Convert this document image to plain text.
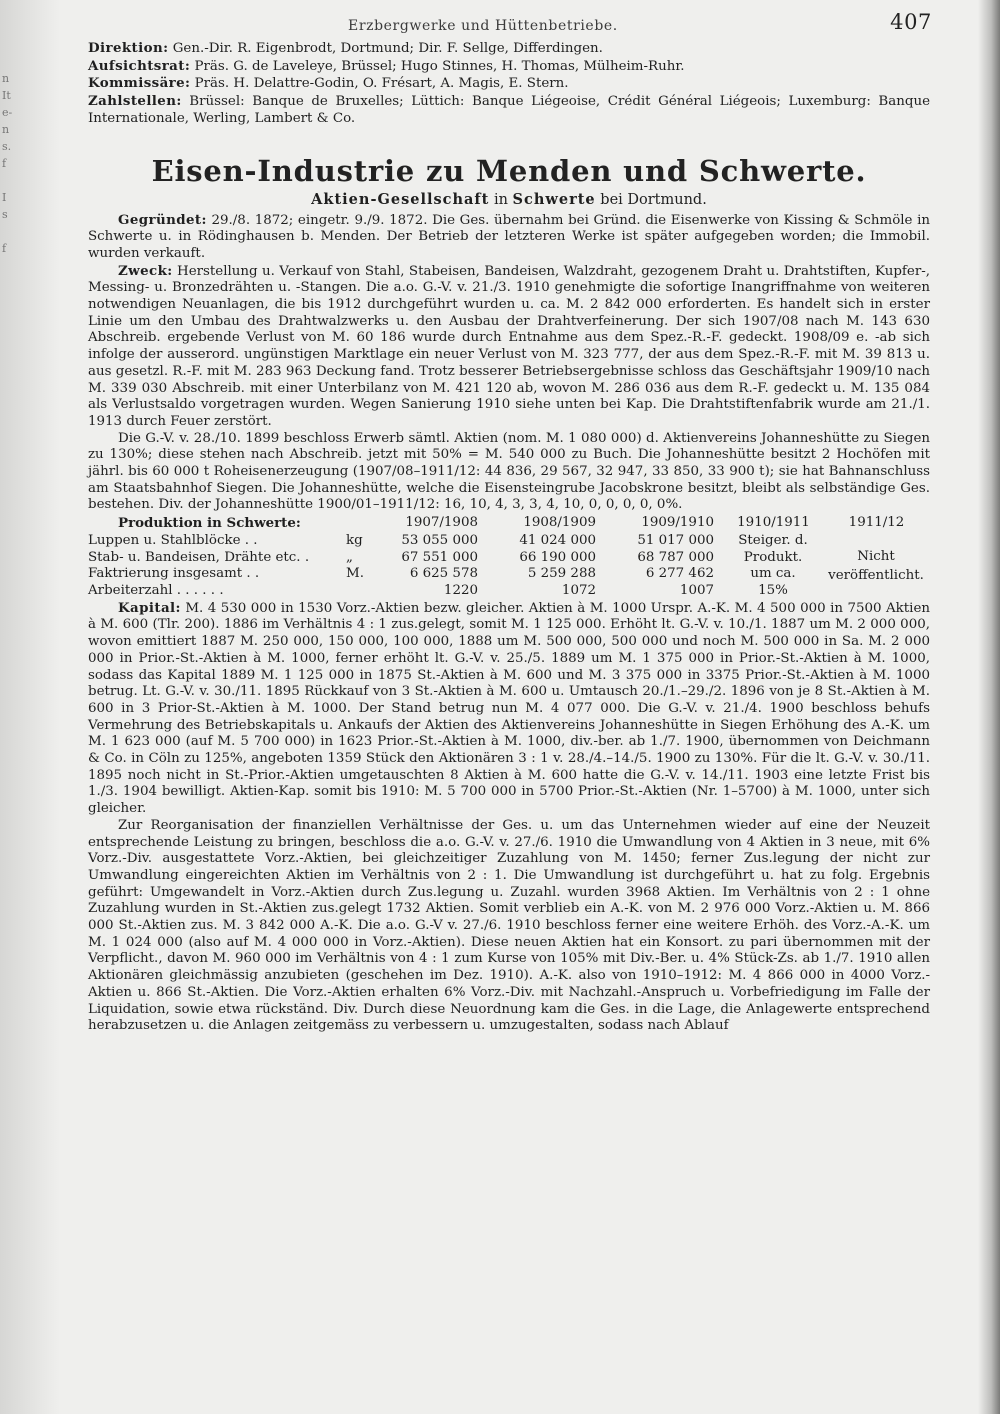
n
It
e-
n
s.
f
I
s
f
Erzbergwerke und Hüttenbetriebe.	407

Direktion: Gen.-Dir. R. Eigenbrodt, Dortmund; Dir. F. Sellge, Differdingen.

Aufsichtsrat: Präs. G. de Laveleye, Brüssel; Hugo Stinnes, H. Thomas, Mülheim-Ruhr.

Kommissäre: Präs. H. Delattre-Godin, O. Frésart, A. Magis, E. Stern.

Zahlstellen: Brüssel: Banque de Bruxelles; Lüttich: Banque Liégeoise, Crédit Général Liégeois; Luxemburg: Banque Internationale, Werling, Lambert & Co.

Eisen-Industrie zu Menden und Schwerte.
Aktien-Gesellschaft in Schwerte bei Dortmund.

Gegründet: 29./8. 1872; eingetr. 9./9. 1872. Die Ges. übernahm bei Gründ. die Eisenwerke von Kissing & Schmöle in Schwerte u. in Rödinghausen b. Menden. Der Betrieb der letzteren Werke ist später aufgegeben worden; die Immobil. wurden verkauft.

Zweck: Herstellung u. Verkauf von Stahl, Stabeisen, Bandeisen, Walzdraht, gezogenem Draht u. Drahtstiften, Kupfer-, Messing- u. Bronzedrähten u. -Stangen. Die a.o. G.-V. v. 21./3. 1910 genehmigte die sofortige Inangriffnahme von weiteren notwendigen Neuanlagen, die bis 1912 durchgeführt wurden u. ca. M. 2 842 000 erforderten. Es handelt sich in erster Linie um den Umbau des Drahtwalzwerks u. den Ausbau der Drahtverfeinerung. Der sich 1907/08 nach M. 143 630 Abschreib. ergebende Verlust von M. 60 186 wurde durch Entnahme aus dem Spez.-R.-F. gedeckt. 1908/09 e. -ab sich infolge der ausserord. ungünstigen Marktlage ein neuer Verlust von M. 323 777, der aus dem Spez.-R.-F. mit M. 39 813 u. aus gesetzl. R.-F. mit M. 283 963 Deckung fand. Trotz besserer Betriebsergebnisse schloss das Geschäftsjahr 1909/10 nach M. 339 030 Abschreib. mit einer Unterbilanz von M. 421 120 ab, wovon M. 286 036 aus dem R.-F. gedeckt u. M. 135 084 als Verlustsaldo vorgetragen wurden. Wegen Sanierung 1910 siehe unten bei Kap. Die Drahtstiftenfabrik wurde am 21./1. 1913 durch Feuer zerstört.

Die G.-V. v. 28./10. 1899 beschloss Erwerb sämtl. Aktien (nom. M. 1 080 000) d. Aktienvereins Johanneshütte zu Siegen zu 130%; diese stehen nach Abschreib. jetzt mit 50% = M. 540 000 zu Buch. Die Johanneshütte besitzt 2 Hochöfen mit jährl. bis 60 000 t Roheisenerzeugung (1907/08–1911/12: 44 836, 29 567, 32 947, 33 850, 33 900 t); sie hat Bahnanschluss am Staatsbahnhof Siegen. Die Johanneshütte, welche die Eisensteingrube Jacobskrone besitzt, bleibt als selbständige Ges. bestehen. Div. der Johanneshütte 1900/01–1911/12: 16, 10, 4, 3, 3, 4, 10, 0, 0, 0, 0, 0%.

Produktion in Schwerte:		1907/1908	1908/1909	1909/1910	1910/1911	1911/12
Luppen u. Stahlblöcke . .	kg	53 055 000	41 024 000	51 017 000	Steiger. d.	Nicht veröffentlicht.
Stab- u. Bandeisen, Drähte etc. .	„	67 551 000	66 190 000	68 787 000	Produkt.	
Faktrierung insgesamt . .	M.	6 625 578	5 259 288	6 277 462	um ca.	
Arbeiterzahl . . . . . .		1220	1072	1007	15%	

Kapital: M. 4 530 000 in 1530 Vorz.-Aktien bezw. gleicher. Aktien à M. 1000 Urspr. A.-K. M. 4 500 000 in 7500 Aktien à M. 600 (Tlr. 200). 1886 im Verhältnis 4 : 1 zus.gelegt, somit M. 1 125 000. Erhöht lt. G.-V. v. 10./1. 1887 um M. 2 000 000, wovon emittiert 1887 M. 250 000, 150 000, 100 000, 1888 um M. 500 000, 500 000 und noch M. 500 000 in Sa. M. 2 000 000 in Prior.-St.-Aktien à M. 1000, ferner erhöht lt. G.-V. v. 25./5. 1889 um M. 1 375 000 in Prior.-St.-Aktien à M. 1000, sodass das Kapital 1889 M. 1 125 000 in 1875 St.-Aktien à M. 600 und M. 3 375 000 in 3375 Prior.-St.-Aktien à M. 1000 betrug. Lt. G.-V. v. 30./11. 1895 Rückkauf von 3 St.-Aktien à M. 600 u. Umtausch 20./1.–29./2. 1896 von je 8 St.-Aktien à M. 600 in 3 Prior-St.-Aktien à M. 1000. Der Stand betrug nun M. 4 077 000. Die G.-V. v. 21./4. 1900 beschloss behufs Vermehrung des Betriebskapitals u. Ankaufs der Aktien des Aktienvereins Johanneshütte in Siegen Erhöhung des A.-K. um M. 1 623 000 (auf M. 5 700 000) in 1623 Prior.-St.-Aktien à M. 1000, div.-ber. ab 1./7. 1900, übernommen von Deichmann & Co. in Cöln zu 125%, angeboten 1359 Stück den Aktionären 3 : 1 v. 28./4.–14./5. 1900 zu 130%. Für die lt. G.-V. v. 30./11. 1895 noch nicht in St.-Prior.-Aktien umgetauschten 8 Aktien à M. 600 hatte die G.-V. v. 14./11. 1903 eine letzte Frist bis 1./3. 1904 bewilligt. Aktien-Kap. somit bis 1910: M. 5 700 000 in 5700 Prior.-St.-Aktien (Nr. 1–5700) à M. 1000, unter sich gleicher.

Zur Reorganisation der finanziellen Verhältnisse der Ges. u. um das Unternehmen wieder auf eine der Neuzeit entsprechende Leistung zu bringen, beschloss die a.o. G.-V. v. 27./6. 1910 die Umwandlung von 4 Aktien in 3 neue, mit 6% Vorz.-Div. ausgestattete Vorz.-Aktien, bei gleichzeitiger Zuzahlung von M. 1450; ferner Zus.legung der nicht zur Umwandlung eingereichten Aktien im Verhältnis von 2 : 1. Die Umwandlung ist durchgeführt u. hat zu folg. Ergebnis geführt: Umgewandelt in Vorz.-Aktien durch Zus.legung u. Zuzahl. wurden 3968 Aktien. Im Verhältnis von 2 : 1 ohne Zuzahlung wurden in St.-Aktien zus.gelegt 1732 Aktien. Somit verblieb ein A.-K. von M. 2 976 000 Vorz.-Aktien u. M. 866 000 St.-Aktien zus. M. 3 842 000 A.-K. Die a.o. G.-V v. 27./6. 1910 beschloss ferner eine weitere Erhöh. des Vorz.-A.-K. um M. 1 024 000 (also auf M. 4 000 000 in Vorz.-Aktien). Diese neuen Aktien hat ein Konsort. zu pari übernommen mit der Verpflicht., davon M. 960 000 im Verhältnis von 4 : 1 zum Kurse von 105% mit Div.-Ber. u. 4% Stück-Zs. ab 1./7. 1910 allen Aktionären gleichmässig anzubieten (geschehen im Dez. 1910). A.-K. also von 1910–1912: M. 4 866 000 in 4000 Vorz.-Aktien u. 866 St.-Aktien. Die Vorz.-Aktien erhalten 6% Vorz.-Div. mit Nachzahl.-Anspruch u. Vorbefriedigung im Falle der Liquidation, sowie etwa rückständ. Div. Durch diese Neuordnung kam die Ges. in die Lage, die Anlagewerte entsprechend herabzusetzen u. die Anlagen zeitgemäss zu verbessern u. umzugestalten, sodass nach Ablauf
